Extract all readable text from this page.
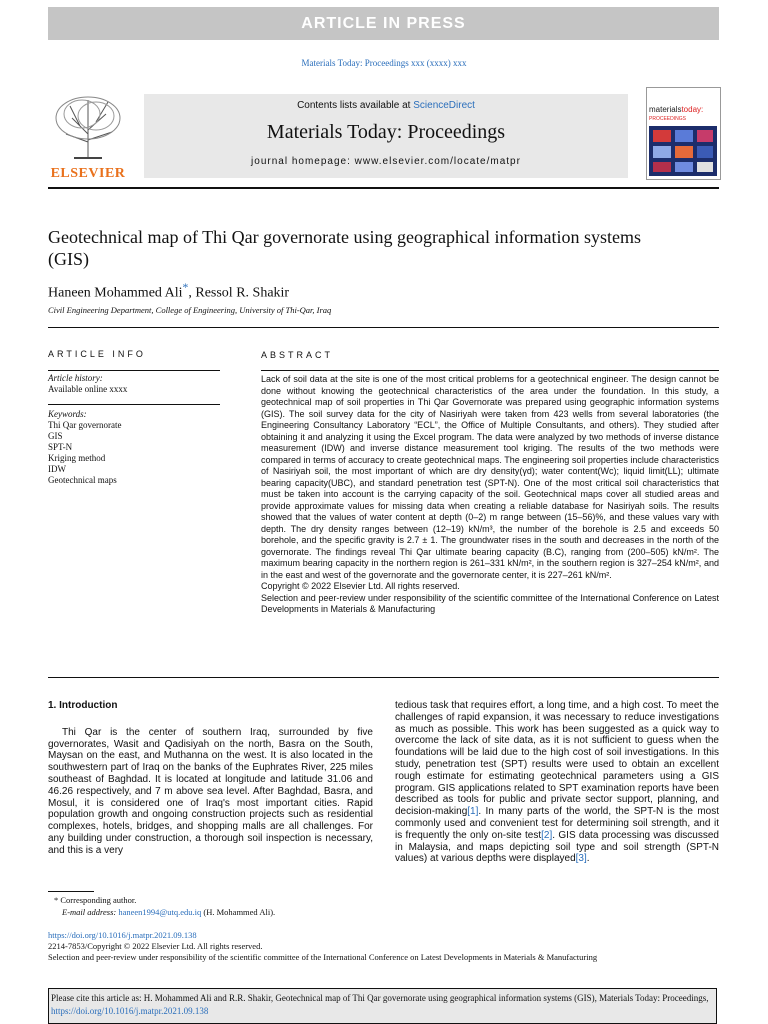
ARTICLE IN PRESS
Materials Today: Proceedings xxx (xxxx) xxx
ELSEVIER
Contents lists available at ScienceDirect
Materials Today: Proceedings
journal homepage: www.elsevier.com/locate/matpr
materialstoday:
PROCEEDINGS
Geotechnical map of Thi Qar governorate using geographical information systems (GIS)
Haneen Mohammed Ali*, Ressol R. Shakir
Civil Engineering Department, College of Engineering, University of Thi-Qar, Iraq
ARTICLE INFO
Article history:
Available online xxxx
Keywords:
Thi Qar governorate
GIS
SPT-N
Kriging method
IDW
Geotechnical maps
ABSTRACT

Lack of soil data at the site is one of the most critical problems for a geotechnical engineer. The design cannot be done without knowing the geotechnical characteristics of the area under the foundation. In this study, a geotechnical map of soil properties in Thi Qar Governorate was prepared using geographic information systems (GIS). The soil survey data for the city of Nasiriyah were taken from 423 wells from several laboratories (the Engineering Consultancy Laboratory “ECL”, the Office of Multiple Consultants, and others). They studied after obtaining it and analyzing it using the Excel program. The data were analyzed by two methods of inverse distance measurement (IDW) and inverse distance measurement tool kriging. The results of the two methods were compared in terms of accuracy to create geotechnical maps. The engineering soil properties include characteristics of Nasiriyah soil, the most important of which are dry density(γd); water content(Wc); liquid limit(LL); ultimate bearing capacity(UBC), and standard penetration test (SPT-N). One of the most critical soil characteristics that must be taken into account is the carrying capacity of the soil. Geotechnical maps cover all studied areas and provide approximate values for missing data when creating a reliable database for Nasiriyah soils. The results showed that the values of water content at depth (0–2) m range between (15–56)%, and these values vary with depth. The dry density ranges between (12–19) kN/m³, the number of the borehole is 2.5 and exceeds 50 borehole, and the specific gravity is 2.7 ± 1. The groundwater rises in the south and decreases in the north of the governorate. The findings reveal Thi Qar ultimate bearing capacity (B.C), ranging from (200–505) kN/m². The maximum bearing capacity in the northern region is 261–331 kN/m², in the southern region is 327–254 kN/m², and in the east and west of the governorate and the governorate center, it is 227–261 kN/m².

Copyright © 2022 Elsevier Ltd. All rights reserved.

Selection and peer-review under responsibility of the scientific committee of the International Conference on Latest Developments in Materials & Manufacturing

1. Introduction

Thi Qar is the center of southern Iraq, surrounded by five governorates, Wasit and Qadisiyah on the north, Basra on the South, Maysan on the east, and Muthanna on the west. It is also located in the southwestern part of Iraq on the banks of the Euphrates River, 225 miles southeast of Baghdad. It is located at longitude and latitude 31.06 and 46.26 respectively, and 7 m above sea level. After Baghdad, Basra, and Mosul, it is considered one of Iraq's most important cities. Rapid population growth and ongoing construction projects such as residential complexes, hotels, bridges, and shopping malls are all challenges. For any building under construction, a thorough soil inspection is necessary, and this is a very

tedious task that requires effort, a long time, and a high cost. To meet the challenges of rapid expansion, it was necessary to reduce investigations as much as possible. This work has been suggested as a quick way to overcome the lack of site data, as it is not sufficient to guess when the foundations will be laid due to the high cost of soil investigations. In this study, penetration test (SPT) results were used to obtain an excellent rough estimate for estimating geotechnical parameters using a GIS program. GIS applications related to SPT examination reports have been described as tools for public and private sector support, planning, and decision-making[1]. In many parts of the world, the SPT-N is the most commonly used and convenient test for determining soil strength, and it is frequently the only on-site test[2]. GIS data processing was discussed in Malaysia, and maps depicting soil type and soil strength (SPT-N values) at various depths were displayed[3].

* Corresponding author.
E-mail address: haneen1994@utq.edu.iq (H. Mohammed Ali).
https://doi.org/10.1016/j.matpr.2021.09.138
2214-7853/Copyright © 2022 Elsevier Ltd. All rights reserved.
Selection and peer-review under responsibility of the scientific committee of the International Conference on Latest Developments in Materials & Manufacturing
Please cite this article as: H. Mohammed Ali and R.R. Shakir, Geotechnical map of Thi Qar governorate using geographical information systems (GIS), Materials Today: Proceedings, https://doi.org/10.1016/j.matpr.2021.09.138
